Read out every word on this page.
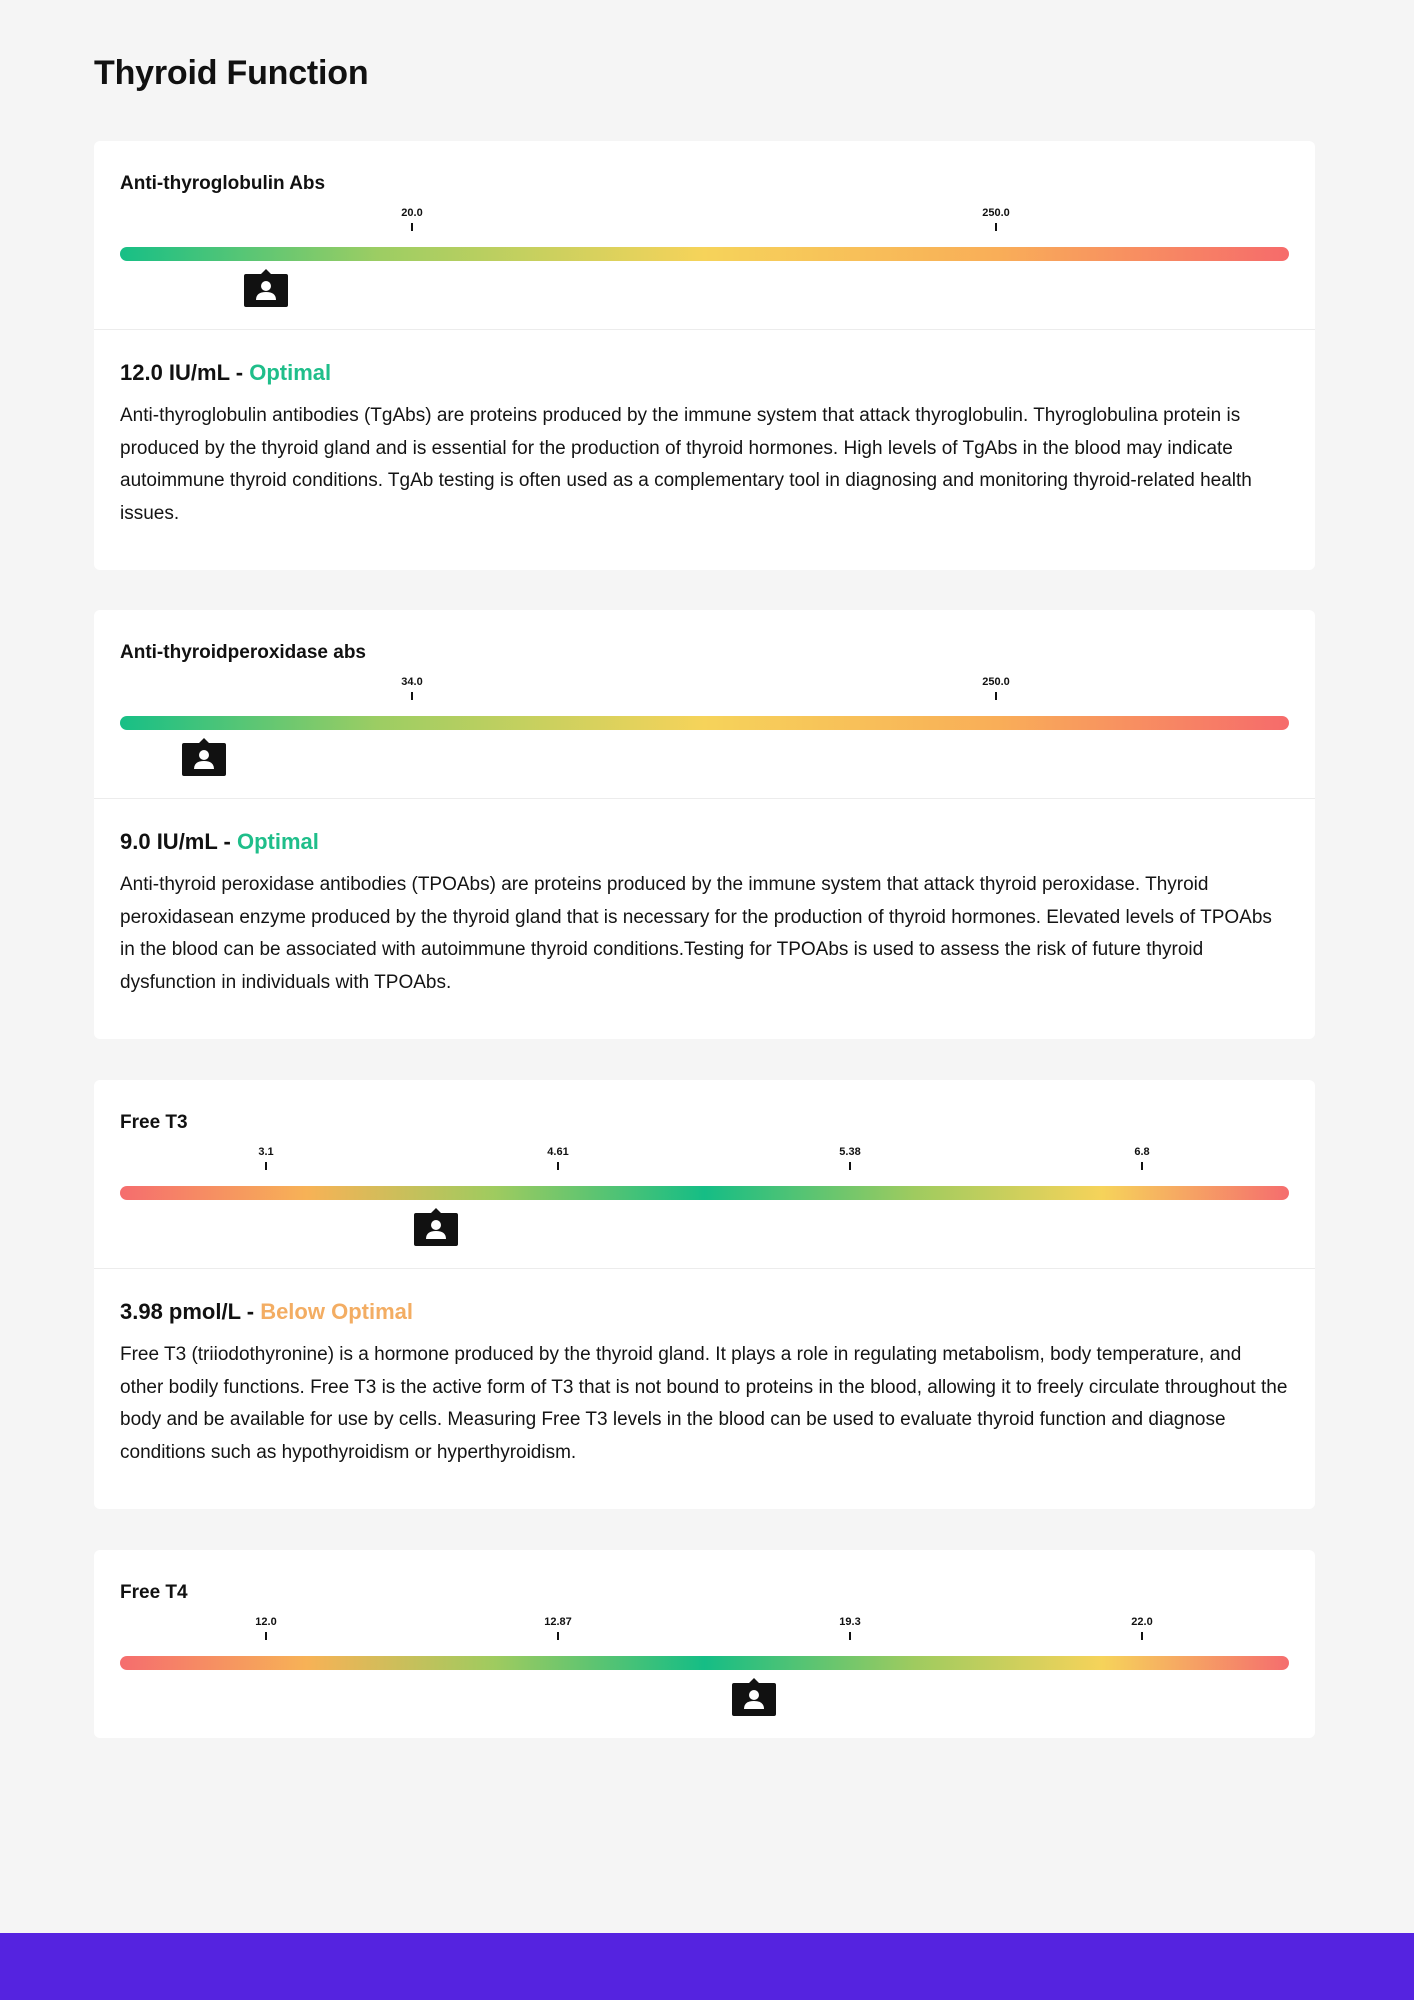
Thyroid Function
Anti-thyroglobulin Abs
20.0	250.0

12.0 IU/mL - Optimal

Anti-thyroglobulin antibodies (TgAbs) are proteins produced by the immune system that attack thyroglobulin. Thyroglobulina protein is produced by the thyroid gland and is essential for the production of thyroid hormones. High levels of TgAbs in the blood may indicate autoimmune thyroid conditions. TgAb testing is often used as a complementary tool in diagnosing and monitoring thyroid-related health issues.

Anti-thyroidperoxidase abs
34.0	250.0

9.0 IU/mL - Optimal

Anti-thyroid peroxidase antibodies (TPOAbs) are proteins produced by the immune system that attack thyroid peroxidase. Thyroid peroxidasean enzyme produced by the thyroid gland that is necessary for the production of thyroid hormones. Elevated levels of TPOAbs in the blood can be associated with autoimmune thyroid conditions.Testing for TPOAbs is used to assess the risk of future thyroid dysfunction in individuals with TPOAbs.

Free T3
3.1	4.61	5.38	6.8

3.98 pmol/L - Below Optimal

Free T3 (triiodothyronine) is a hormone produced by the thyroid gland. It plays a role in regulating metabolism, body temperature, and other bodily functions. Free T3 is the active form of T3 that is not bound to proteins in the blood, allowing it to freely circulate throughout the body and be available for use by cells. Measuring Free T3 levels in the blood can be used to evaluate thyroid function and diagnose conditions such as hypothyroidism or hyperthyroidism.

Free T4
12.0	12.87	19.3	22.0
